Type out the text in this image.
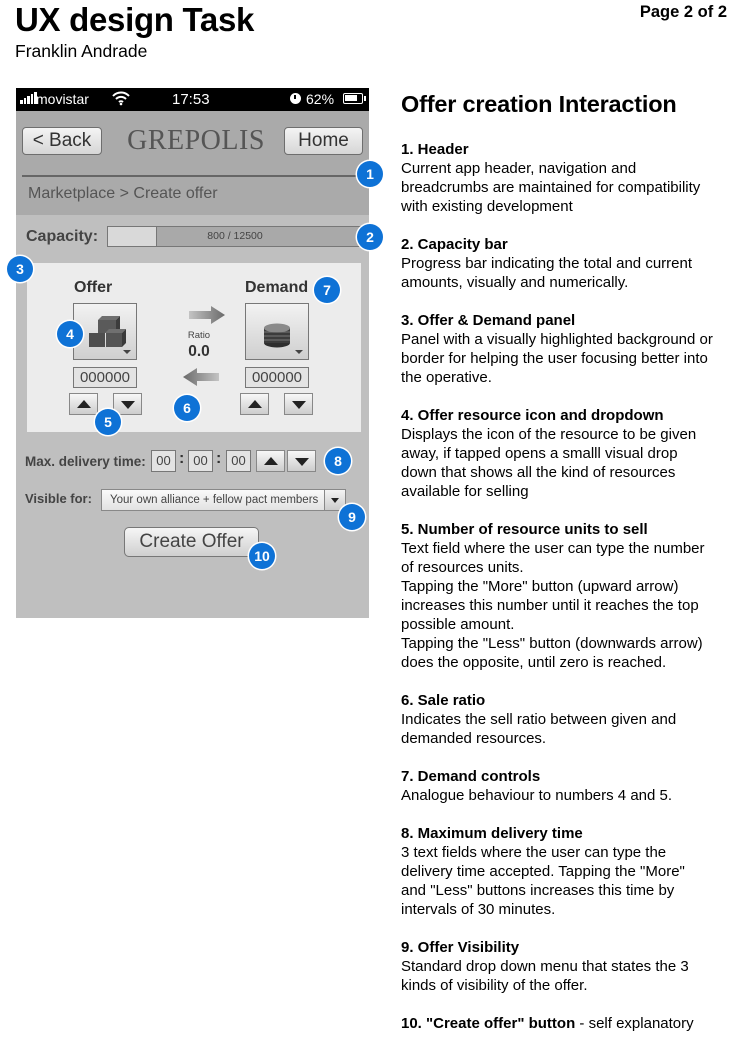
UX design Task
Franklin Andrade
Page 2 of 2
movistar	17:53	62%
< Back	GREPOLIS	Home
Marketplace > Create offer
Capacity:	800 / 12500
Offer
000000
Ratio
0.0
Demand
000000
Max. delivery time: 00 : 00 : 00
Visible for:	Your own alliance + fellow pact members
Create Offer
1
2
3
4
5
6
7
8
9
10
Offer creation Interaction
1. Header
Current app header, navigation and
breadcrumbs are maintained for compatibility
with existing development
2. Capacity bar
Progress bar indicating the total and current
amounts, visually and numerically.
3. Offer & Demand panel
Panel with a visually highlighted background or
border for helping the user focusing better into
the operative.
4. Offer resource icon and dropdown
Displays the icon of the resource to be given
away, if tapped opens a smalll visual drop
down that shows all the kind of resources
available for selling
5. Number of resource units to sell
Text field where the user can type the number
of resources units.
Tapping the "More" button (upward arrow)
increases this number until it reaches the top
possible amount.
Tapping the "Less" button (downwards arrow)
does the opposite, until zero is reached.
6. Sale ratio
Indicates the sell ratio between given and
demanded resources.
7. Demand controls
Analogue behaviour to numbers 4 and 5.
8. Maximum delivery time
3 text fields where the user can type the
delivery time accepted. Tapping the "More"
and "Less" buttons increases this time by
intervals of 30 minutes.
9. Offer Visibility
Standard drop down menu that states the 3
kinds of visibility of the offer.
10. "Create offer" button - self explanatory
